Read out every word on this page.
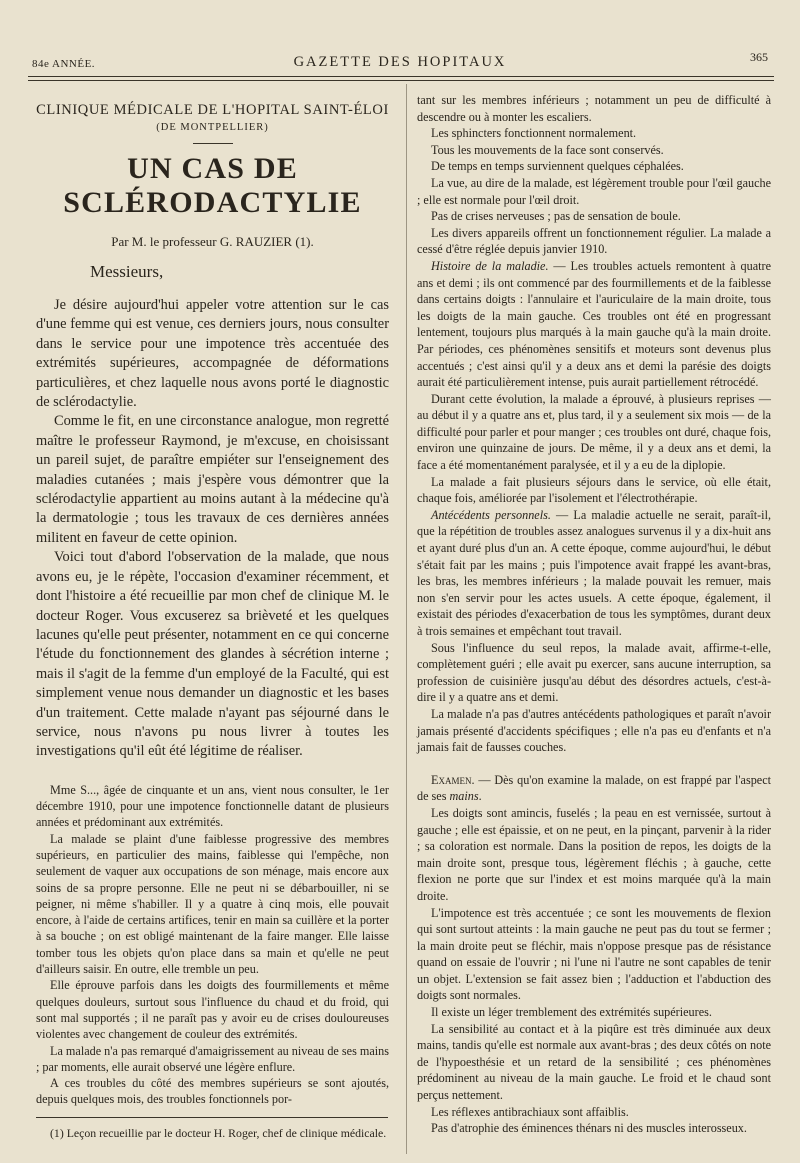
84e ANNÉE.	GAZETTE DES HOPITAUX	365
CLINIQUE MÉDICALE DE L'HOPITAL SAINT-ÉLOI
(DE MONTPELLIER)
UN CAS DE SCLÉRODACTYLIE
Par M. le professeur G. RAUZIER (1).
Messieurs,

Je désire aujourd'hui appeler votre attention sur le cas d'une femme qui est venue, ces derniers jours, nous consulter dans le service pour une impotence très accentuée des extrémités supérieures, accompagnée de déformations particulières, et chez laquelle nous avons porté le diagnostic de sclérodactylie.

Comme le fit, en une circonstance analogue, mon regretté maître le professeur Raymond, je m'excuse, en choisissant un pareil sujet, de paraître empiéter sur l'enseignement des maladies cutanées ; mais j'espère vous démontrer que la sclérodactylie appartient au moins autant à la médecine qu'à la dermatologie ; tous les travaux de ces dernières années militent en faveur de cette opinion.

Voici tout d'abord l'observation de la malade, que nous avons eu, je le répète, l'occasion d'examiner récemment, et dont l'histoire a été recueillie par mon chef de clinique M. le docteur Roger. Vous excuserez sa brièveté et les quelques lacunes qu'elle peut présenter, notamment en ce qui concerne l'étude du fonctionnement des glandes à sécrétion interne ; mais il s'agit de la femme d'un employé de la Faculté, qui est simplement venue nous demander un diagnostic et les bases d'un traitement. Cette malade n'ayant pas séjourné dans le service, nous n'avons pu nous livrer à toutes les investigations qu'il eût été légitime de réaliser.

Mme S..., âgée de cinquante et un ans, vient nous consulter, le 1er décembre 1910, pour une impotence fonctionnelle datant de plusieurs années et prédominant aux extrémités.

La malade se plaint d'une faiblesse progressive des membres supérieurs, en particulier des mains, faiblesse qui l'empêche, non seulement de vaquer aux occupations de son ménage, mais encore aux soins de sa propre personne. Elle ne peut ni se débarbouiller, ni se peigner, ni même s'habiller. Il y a quatre à cinq mois, elle pouvait encore, à l'aide de certains artifices, tenir en main sa cuillère et la porter à sa bouche ; on est obligé maintenant de la faire manger. Elle laisse tomber tous les objets qu'on place dans sa main et qu'elle ne peut d'ailleurs saisir. En outre, elle tremble un peu.

Elle éprouve parfois dans les doigts des fourmillements et même quelques douleurs, surtout sous l'influence du chaud et du froid, qui sont mal supportés ; il ne paraît pas y avoir eu de crises douloureuses violentes avec changement de couleur des extrémités.

La malade n'a pas remarqué d'amaigrissement au niveau de ses mains ; par moments, elle aurait observé une légère enflure.

A ces troubles du côté des membres supérieurs se sont ajoutés, depuis quelques mois, des troubles fonctionnels por-

(1) Leçon recueillie par le docteur H. Roger, chef de clinique médicale.

tant sur les membres inférieurs ; notamment un peu de difficulté à descendre ou à monter les escaliers.

Les sphincters fonctionnent normalement.

Tous les mouvements de la face sont conservés.

De temps en temps surviennent quelques céphalées.

La vue, au dire de la malade, est légèrement trouble pour l'œil gauche ; elle est normale pour l'œil droit.

Pas de crises nerveuses ; pas de sensation de boule.

Les divers appareils offrent un fonctionnement régulier. La malade a cessé d'être réglée depuis janvier 1910.

Histoire de la maladie. — Les troubles actuels remontent à quatre ans et demi ; ils ont commencé par des fourmillements et de la faiblesse dans certains doigts : l'annulaire et l'auriculaire de la main droite, tous les doigts de la main gauche. Ces troubles ont été en progressant lentement, toujours plus marqués à la main gauche qu'à la main droite. Par périodes, ces phénomènes sensitifs et moteurs sont devenus plus accentués ; c'est ainsi qu'il y a deux ans et demi la parésie des doigts aurait été particulièrement intense, puis aurait partiellement rétrocédé.

Durant cette évolution, la malade a éprouvé, à plusieurs reprises — au début il y a quatre ans et, plus tard, il y a seulement six mois — de la difficulté pour parler et pour manger ; ces troubles ont duré, chaque fois, environ une quinzaine de jours. De même, il y a deux ans et demi, la face a été momentanément paralysée, et il y a eu de la diplopie.

La malade a fait plusieurs séjours dans le service, où elle était, chaque fois, améliorée par l'isolement et l'électrothérapie.

Antécédents personnels. — La maladie actuelle ne serait, paraît-il, que la répétition de troubles assez analogues survenus il y a dix-huit ans et ayant duré plus d'un an. A cette époque, comme aujourd'hui, le début s'était fait par les mains ; puis l'impotence avait frappé les avant-bras, les bras, les membres inférieurs ; la malade pouvait les remuer, mais non s'en servir pour les actes usuels. A cette époque, également, il existait des périodes d'exacerbation de tous les symptômes, durant deux à trois semaines et empêchant tout travail.

Sous l'influence du seul repos, la malade avait, affirme-t-elle, complètement guéri ; elle avait pu exercer, sans aucune interruption, sa profession de cuisinière jusqu'au début des désordres actuels, c'est-à-dire il y a quatre ans et demi.

La malade n'a pas d'autres antécédents pathologiques et paraît n'avoir jamais présenté d'accidents spécifiques ; elle n'a pas eu d'enfants et n'a jamais fait de fausses couches.

Examen. — Dès qu'on examine la malade, on est frappé par l'aspect de ses mains.

Les doigts sont amincis, fuselés ; la peau en est vernissée, surtout à gauche ; elle est épaissie, et on ne peut, en la pinçant, parvenir à la rider ; sa coloration est normale. Dans la position de repos, les doigts de la main droite sont, presque tous, légèrement fléchis ; à gauche, cette flexion ne porte que sur l'index et est moins marquée qu'à la main droite.

L'impotence est très accentuée ; ce sont les mouvements de flexion qui sont surtout atteints : la main gauche ne peut pas du tout se fermer ; la main droite peut se fléchir, mais n'oppose presque pas de résistance quand on essaie de l'ouvrir ; ni l'une ni l'autre ne sont capables de tenir un objet. L'extension se fait assez bien ; l'adduction et l'abduction des doigts sont normales.

Il existe un léger tremblement des extrémités supérieures.

La sensibilité au contact et à la piqûre est très diminuée aux deux mains, tandis qu'elle est normale aux avant-bras ; des deux côtés on note de l'hypoesthésie et un retard de la sensibilité ; ces phénomènes prédominent au niveau de la main gauche. Le froid et le chaud sont perçus nettement.

Les réflexes antibrachiaux sont affaiblis.

Pas d'atrophie des éminences thénars ni des muscles interosseux.
